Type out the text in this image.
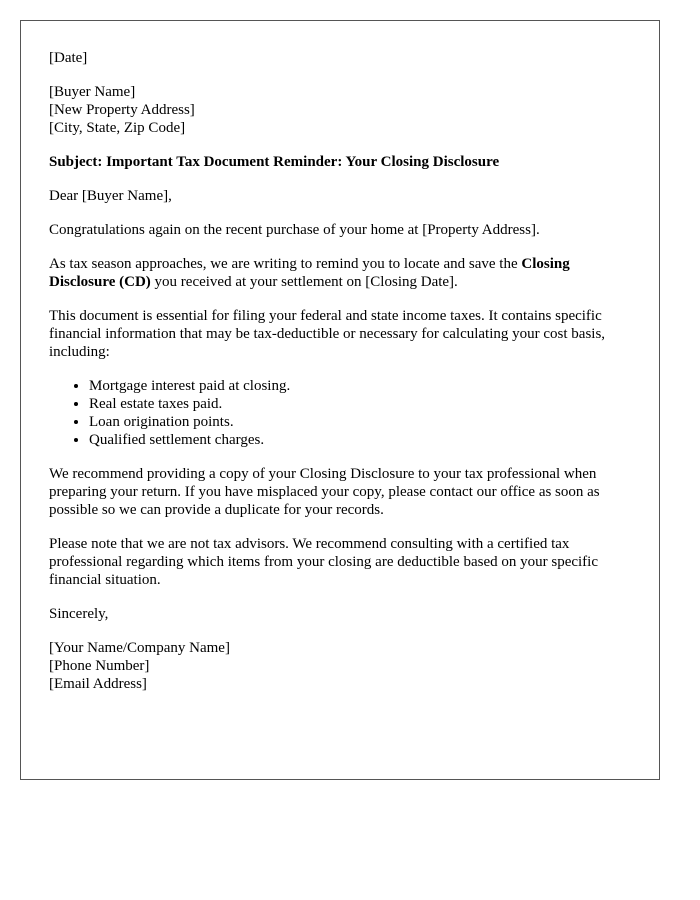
[Date]

[Buyer Name]
[New Property Address]
[City, State, Zip Code]

Subject: Important Tax Document Reminder: Your Closing Disclosure

Dear [Buyer Name],

Congratulations again on the recent purchase of your home at [Property Address].

As tax season approaches, we are writing to remind you to locate and save the Closing Disclosure (CD) you received at your settlement on [Closing Date].

This document is essential for filing your federal and state income taxes. It contains specific financial information that may be tax-deductible or necessary for calculating your cost basis, including:

• Mortgage interest paid at closing.
• Real estate taxes paid.
• Loan origination points.
• Qualified settlement charges.

We recommend providing a copy of your Closing Disclosure to your tax professional when preparing your return. If you have misplaced your copy, please contact our office as soon as possible so we can provide a duplicate for your records.

Please note that we are not tax advisors. We recommend consulting with a certified tax professional regarding which items from your closing are deductible based on your specific financial situation.

Sincerely,

[Your Name/Company Name]
[Phone Number]
[Email Address]
